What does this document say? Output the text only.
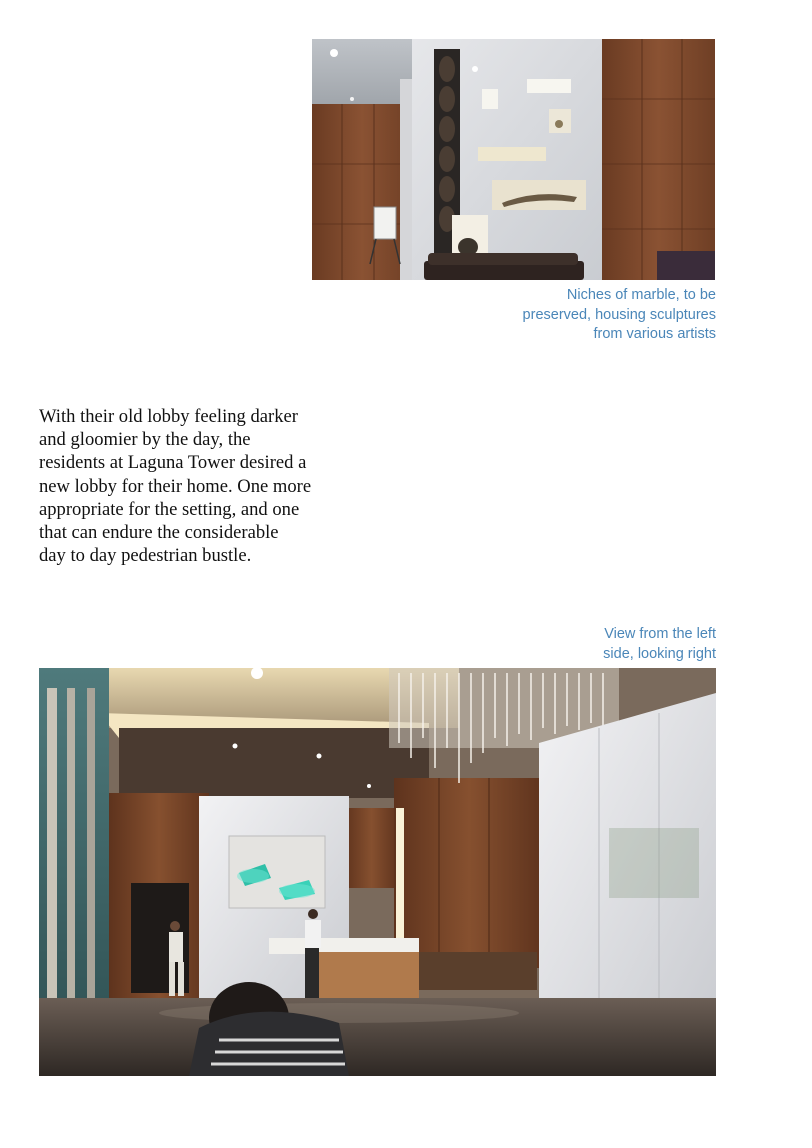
Niches of marble, to be
preserved, housing sculptures
from various artists
With their old lobby feeling darker
and gloomier by the day, the
residents at Laguna Tower desired a
new lobby for their home. One more
appropriate for the setting, and one
that can endure the considerable
day to day pedestrian bustle.
View from the left
side, looking right
